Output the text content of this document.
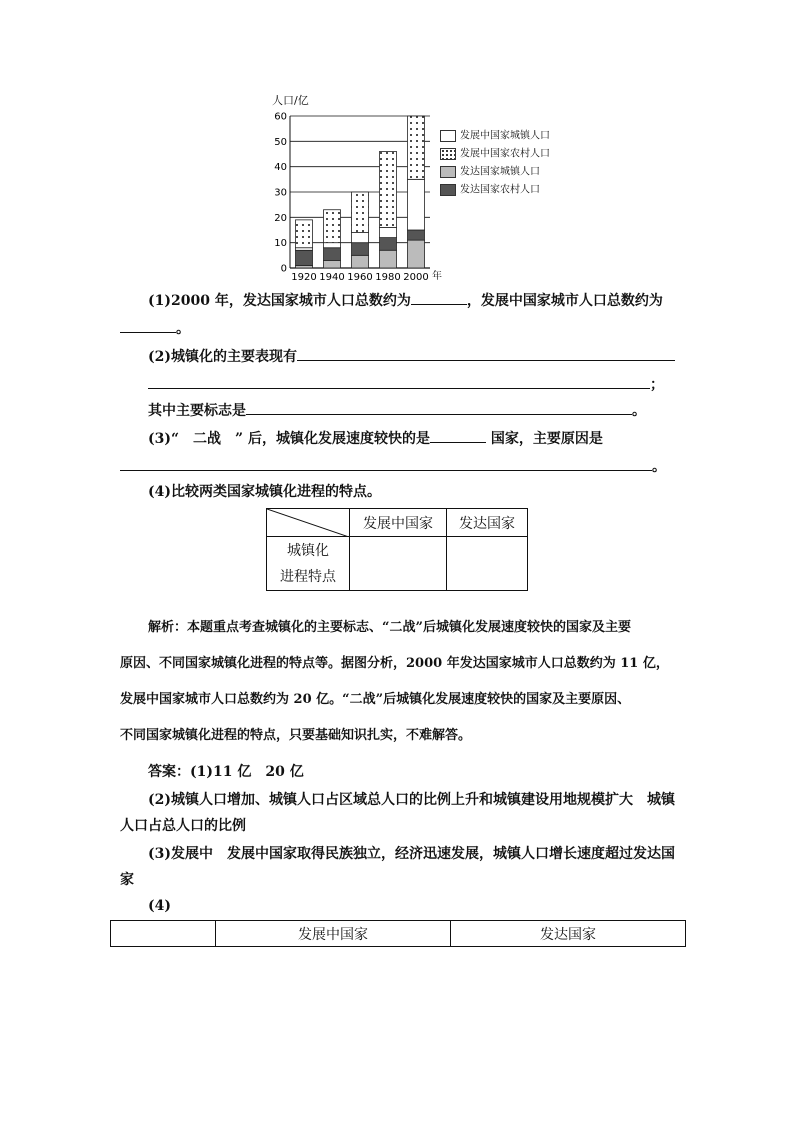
人口/亿
0
10
20
30
40
50
60
1920 1940 1960 1980 2000 年
发展中国家城镇人口
发展中国家农村人口
发达国家城镇人口
发达国家农村人口
(1)2000 年，发达国家城市人口总数约为	，发展中国家城市人口总数约为
。
(2)城镇化的主要表现有
；
其中主要标志是	。
(3)“　二战　” 后，城镇化发展速度较快的是	国家，主要原因是
。
(4)比较两类国家城镇化进程的特点。
	发展中国家	发达国家

城镇化
进程特点		

解析：本题重点考查城镇化的主要标志、“二战”后城镇化发展速度较快的国家及主要
原因、不同国家城镇化进程的特点等。据图分析，2000 年发达国家城市人口总数约为 11 亿，
发展中国家城市人口总数约为 20 亿。“二战”后城镇化发展速度较快的国家及主要原因、
不同国家城镇化进程的特点，只要基础知识扎实，不难解答。
答案：(1)11 亿　20 亿
(2)城镇人口增加、城镇人口占区域总人口的比例上升和城镇建设用地规模扩大　城镇
人口占总人口的比例
(3)发展中　发展中国家取得民族独立，经济迅速发展，城镇人口增长速度超过发达国
家
(4)
	发展中国家	发达国家
